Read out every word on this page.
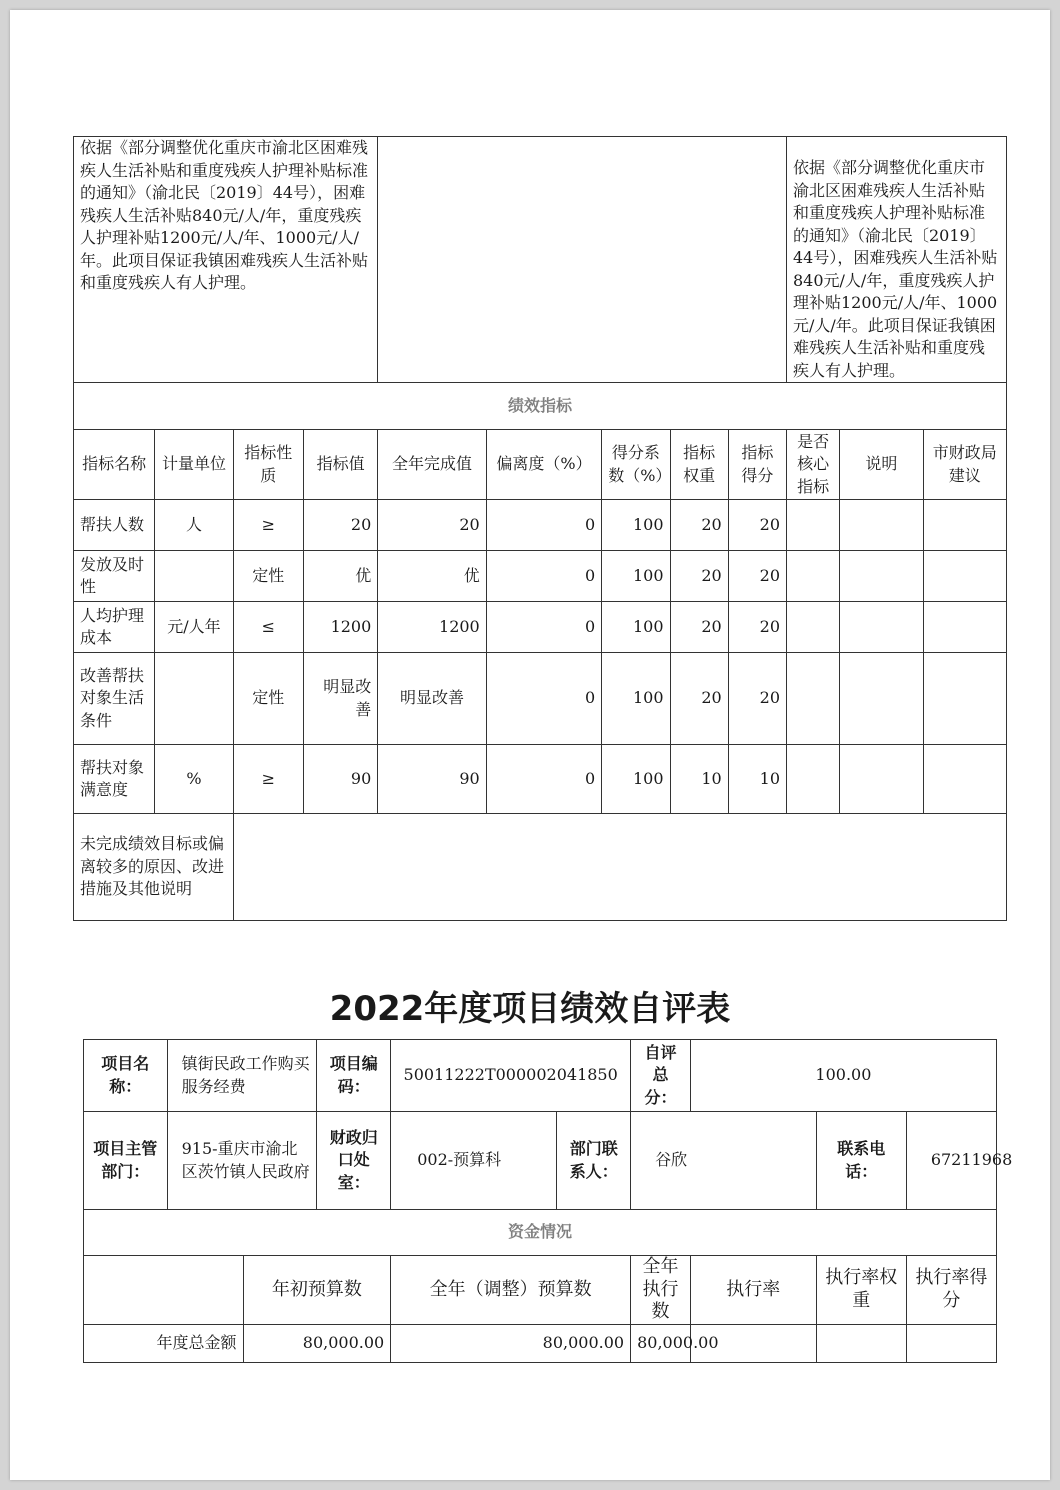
依据《部分调整优化重庆市渝北区困难残疾人生活补贴和重度残疾人护理补贴标准的通知》（渝北民〔2019〕44号），困难残疾人生活补贴840元/人/年，重度残疾人护理补贴1200元/人/年、1000元/人/年。此项目保证我镇困难残疾人生活补贴和重度残疾人有人护理。									依据《部分调整优化重庆市渝北区困难残疾人生活补贴和重度残疾人护理补贴标准的通知》（渝北民〔2019〕44号），困难残疾人生活补贴840元/人/年，重度残疾人护理补贴1200元/人/年、1000元/人/年。此项目保证我镇困难残疾人生活补贴和重度残疾人有人护理。		
绩效指标											
指标名称	计量单位	指标性质	指标值	全年完成值	偏离度（%）	得分系数（%）	指标权重	指标得分	是否核心指标	说明	市财政局建议
帮扶人数	人	≥	20	20	0	100	20	20			
发放及时性		定性	优	优	0	100	20	20			
人均护理成本	元/人年	≤	1200	1200	0	100	20	20			
改善帮扶对象生活条件		定性	明显改善	明显改善	0	100	20	20			
帮扶对象满意度	%	≥	90	90	0	100	10	10			
未完成绩效目标或偏离较多的原因、改进措施及其他说明											
2022年度项目绩效自评表
项目名称：	镇街民政工作购买服务经费		项目编码：	50011222T000002041850		自评总分：	100.00		
项目主管部门：	915-重庆市渝北区茨竹镇人民政府		财政归口处室：	002-预算科	部门联系人：	谷欣		联系电话：	67211968
资金情况									
		年初预算数		全年（调整）预算数		全年执行数	执行率	执行率权重	执行率得分
年度总金额		80,000.00		80,000.00		80,000.00			
